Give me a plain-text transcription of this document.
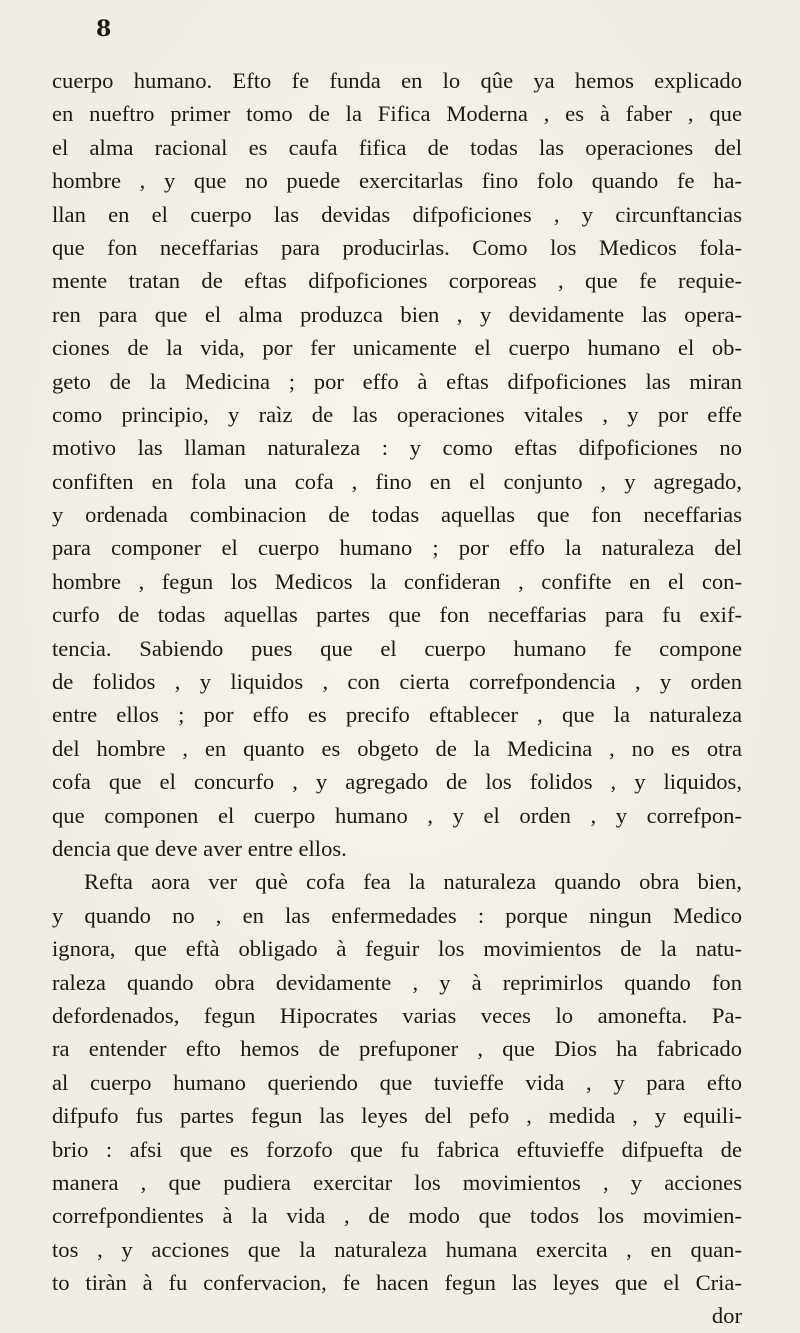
8
cuerpo humano. Efto fe funda en lo qûe ya hemos explicado
en nueftro primer tomo de la Fifica Moderna , es à faber , que
el alma racional es caufa fifica de todas las operaciones del
hombre , y que no puede exercitarlas fino folo quando fe ha-
llan en el cuerpo las devidas difpoficiones , y circunftancias
que fon neceffarias para producirlas. Como los Medicos fola-
mente tratan de eftas difpoficiones corporeas , que fe requie-
ren para que el alma produzca bien , y devidamente las opera-
ciones de la vida, por fer unicamente el cuerpo humano el ob-
geto de la Medicina ; por effo à eftas difpoficiones las miran
como principio, y raìz de las operaciones vitales , y por effe
motivo las llaman naturaleza : y como eftas difpoficiones no
confiften en fola una cofa , fino en el conjunto , y agregado,
y ordenada combinacion de todas aquellas que fon neceffarias
para componer el cuerpo humano ; por effo la naturaleza del
hombre , fegun los Medicos la confideran , confifte en el con-
curfo de todas aquellas partes que fon neceffarias para fu exif-
tencia. Sabiendo pues que el cuerpo humano fe compone
de folidos , y liquidos , con cierta correfpondencia , y orden
entre ellos ; por effo es precifo eftablecer , que la naturaleza
del hombre , en quanto es obgeto de la Medicina , no es otra
cofa que el concurfo , y agregado de los folidos , y liquidos,
que componen el cuerpo humano , y el orden , y correfpon-
dencia que deve aver entre ellos.
Refta aora ver què cofa fea la naturaleza quando obra bien,
y quando no , en las enfermedades : porque ningun Medico
ignora, que eftà obligado à feguir los movimientos de la natu-
raleza quando obra devidamente , y à reprimirlos quando fon
defordenados, fegun Hipocrates varias veces lo amonefta. Pa-
ra entender efto hemos de prefuponer , que Dios ha fabricado
al cuerpo humano queriendo que tuvieffe vida , y para efto
difpufo fus partes fegun las leyes del pefo , medida , y equili-
brio : afsi que es forzofo que fu fabrica eftuvieffe difpuefta de
manera , que pudiera exercitar los movimientos , y acciones
correfpondientes à la vida , de modo que todos los movimien-
tos , y acciones que la naturaleza humana exercita , en quan-
to tiràn à fu confervacion, fe hacen fegun las leyes que el Cria-
dor
